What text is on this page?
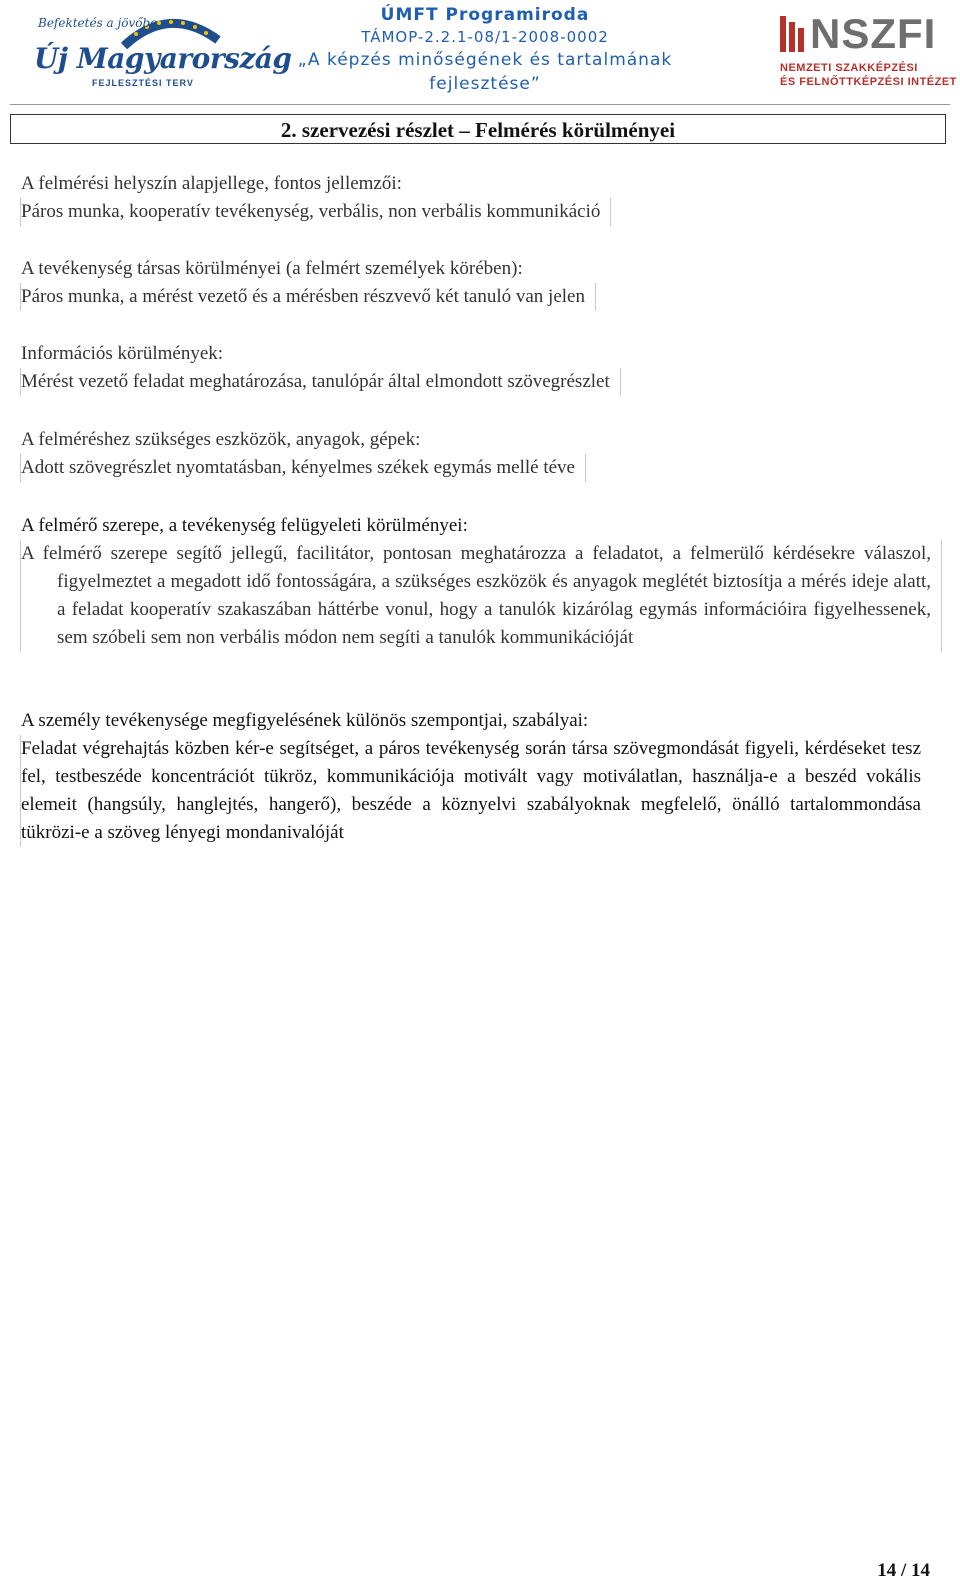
Befektetés a jövőbe
Új Magyarország
FEJLESZTÉSI TERV
ÚMFT Programiroda
TÁMOP-2.2.1-08/1-2008-0002
„A képzés minőségének és tartalmának
fejlesztése”
NSZFI
NEMZETI SZAKKÉPZÉSI
ÉS FELNŐTTKÉPZÉSI INTÉZET
2. szervezési részlet – Felmérés körülményei
A felmérési helyszín alapjellege, fontos jellemzői:
Páros munka, kooperatív tevékenység, verbális, non verbális kommunikáció
A tevékenység társas körülményei (a felmért személyek körében):
Páros munka, a mérést vezető és a mérésben részvevő két tanuló van jelen
Információs körülmények:
Mérést vezető feladat meghatározása, tanulópár által elmondott szövegrészlet
A felméréshez szükséges eszközök, anyagok, gépek:
Adott szövegrészlet nyomtatásban, kényelmes székek egymás mellé téve
A felmérő szerepe, a tevékenység felügyeleti körülményei:
A felmérő szerepe segítő jellegű, facilitátor, pontosan meghatározza a feladatot, a felmerülő kérdésekre válaszol, figyelmeztet a megadott idő fontosságára, a szükséges eszközök és anyagok meglétét biztosítja a mérés ideje alatt, a feladat kooperatív szakaszában háttérbe vonul, hogy a tanulók kizárólag egymás információira figyelhessenek, sem szóbeli sem non verbális módon nem segíti a tanulók kommunikációját
A személy tevékenysége megfigyelésének különös szempontjai, szabályai:
Feladat végrehajtás közben kér-e segítséget, a páros tevékenység során társa szövegmondását figyeli, kérdéseket tesz fel, testbeszéde koncentrációt tükröz, kommunikációja motivált vagy motiválatlan, használja-e a beszéd vokális elemeit (hangsúly, hanglejtés, hangerő), beszéde a köznyelvi szabályoknak megfelelő, önálló tartalommondása tükrözi-e a szöveg lényegi mondanivalóját
14 / 14
